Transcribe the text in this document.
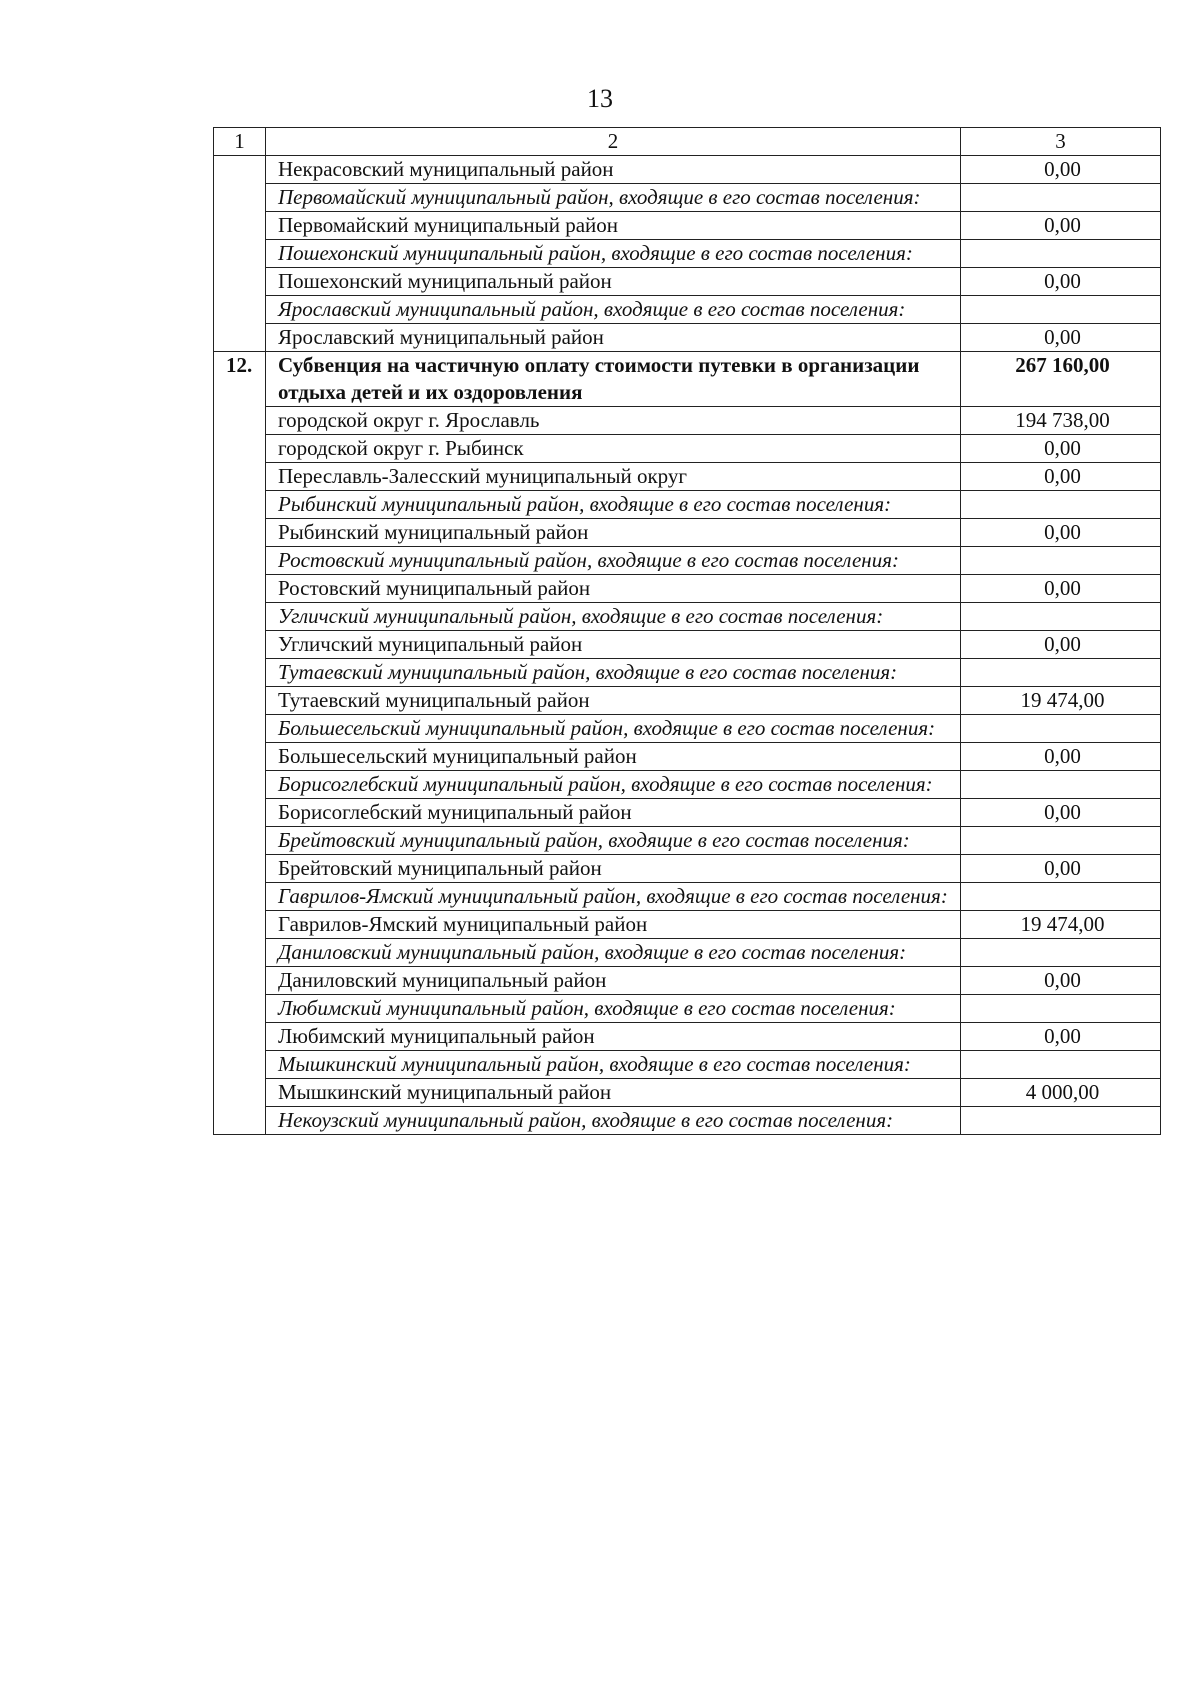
13
1	2	3
	Некрасовский муниципальный район	0,00
	Первомайский муниципальный район, входящие в его состав поселения:	
	Первомайский муниципальный район	0,00
	Пошехонский муниципальный район, входящие в его состав поселения:	
	Пошехонский муниципальный район	0,00
	Ярославский муниципальный район, входящие в его состав поселения:	
	Ярославский муниципальный район	0,00
12.	Субвенция на частичную оплату стоимости путевки в организации отдыха детей и их оздоровления	267 160,00
	городской округ г. Ярославль	194 738,00
	городской округ г. Рыбинск	0,00
	Переславль-Залесский муниципальный округ	0,00
	Рыбинский муниципальный район, входящие в его состав поселения:	
	Рыбинский муниципальный район	0,00
	Ростовский муниципальный район, входящие в его состав поселения:	
	Ростовский муниципальный район	0,00
	Угличский муниципальный район, входящие в его состав поселения:	
	Угличский муниципальный район	0,00
	Тутаевский муниципальный район, входящие в его состав поселения:	
	Тутаевский муниципальный район	19 474,00
	Большесельский муниципальный район, входящие в его состав поселения:	
	Большесельский муниципальный район	0,00
	Борисоглебский муниципальный район, входящие в его состав поселения:	
	Борисоглебский муниципальный район	0,00
	Брейтовский муниципальный район, входящие в его состав поселения:	
	Брейтовский муниципальный район	0,00
	Гаврилов-Ямский муниципальный район, входящие в его состав поселения:	
	Гаврилов-Ямский муниципальный район	19 474,00
	Даниловский муниципальный район, входящие в его состав поселения:	
	Даниловский муниципальный район	0,00
	Любимский муниципальный район, входящие в его состав поселения:	
	Любимский муниципальный район	0,00
	Мышкинский муниципальный район, входящие в его состав поселения:	
	Мышкинский муниципальный район	4 000,00
	Некоузский муниципальный район, входящие в его состав поселения:	
